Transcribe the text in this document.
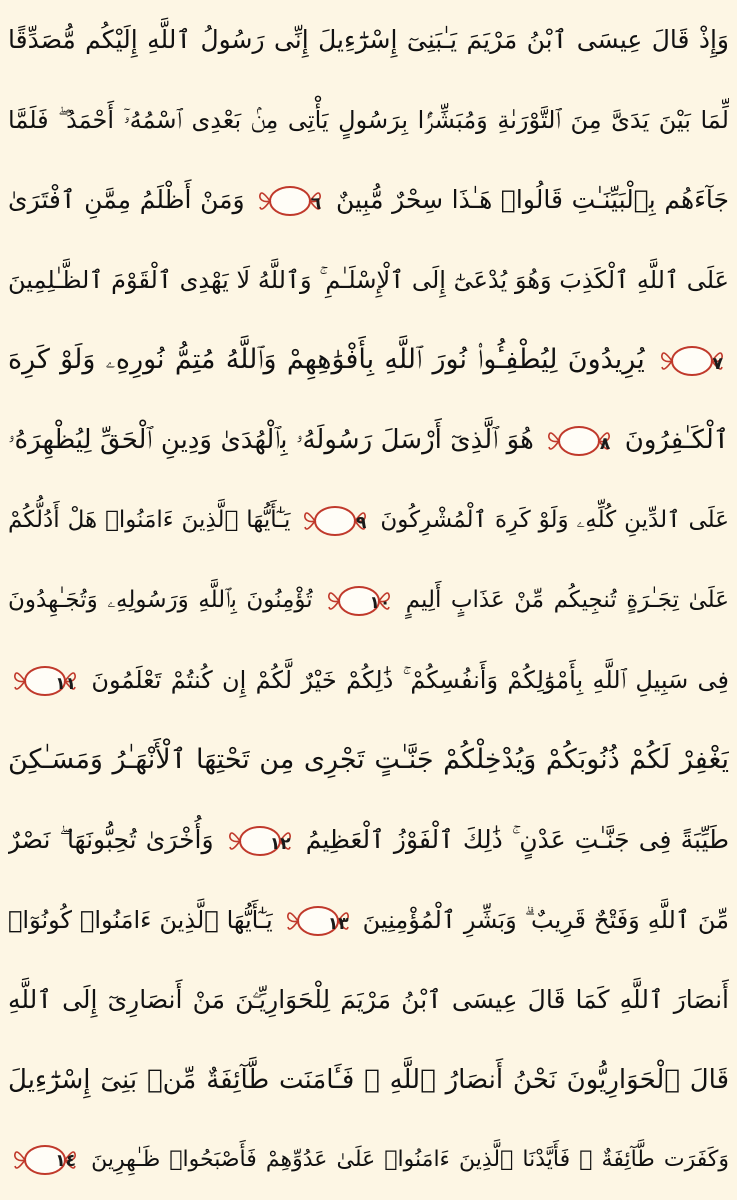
وَإِذْ قَالَ عِيسَى ٱبْنُ مَرْيَمَ يَـٰبَنِىٓ إِسْرَٰٓءِيلَ إِنِّى رَسُولُ ٱللَّهِ إِلَيْكُم مُّصَدِّقًا
لِّمَا بَيْنَ يَدَىَّ مِنَ ٱلتَّوْرَىٰةِ وَمُبَشِّرًۢا بِرَسُولٍ يَأْتِى مِنۢ بَعْدِى ٱسْمُهُۥٓ أَحْمَدُ ۖ فَلَمَّا
جَآءَهُم بِٱلْبَيِّنَـٰتِ قَالُوا۟ هَـٰذَا سِحْرٌ مُّبِينٌ
٦ وَمَنْ أَظْلَمُ مِمَّنِ ٱفْتَرَىٰ
عَلَى ٱللَّهِ ٱلْكَذِبَ وَهُوَ يُدْعَىٰٓ إِلَى ٱلْإِسْلَـٰمِ ۚ وَٱللَّهُ لَا يَهْدِى ٱلْقَوْمَ ٱلظَّـٰلِمِينَ
٧ يُرِيدُونَ لِيُطْفِـُٔوا۟ نُورَ ٱللَّهِ بِأَفْوَٰهِهِمْ وَٱللَّهُ مُتِمُّ نُورِهِۦ وَلَوْ كَرِهَ
ٱلْكَـٰفِرُونَ
٨ هُوَ ٱلَّذِىٓ أَرْسَلَ رَسُولَهُۥ بِٱلْهُدَىٰ وَدِينِ ٱلْحَقِّ لِيُظْهِرَهُۥ
عَلَى ٱلدِّينِ كُلِّهِۦ وَلَوْ كَرِهَ ٱلْمُشْرِكُونَ
٩ يَـٰٓأَيُّهَا ٱلَّذِينَ ءَامَنُوا۟ هَلْ أَدُلُّكُمْ
عَلَىٰ تِجَـٰرَةٍ تُنجِيكُم مِّنْ عَذَابٍ أَلِيمٍ
١٠ تُؤْمِنُونَ بِٱللَّهِ وَرَسُولِهِۦ وَتُجَـٰهِدُونَ
فِى سَبِيلِ ٱللَّهِ بِأَمْوَٰلِكُمْ وَأَنفُسِكُمْ ۚ ذَٰلِكُمْ خَيْرٌ لَّكُمْ إِن كُنتُمْ تَعْلَمُونَ
١١
يَغْفِرْ لَكُمْ ذُنُوبَكُمْ وَيُدْخِلْكُمْ جَنَّـٰتٍ تَجْرِى مِن تَحْتِهَا ٱلْأَنْهَـٰرُ وَمَسَـٰكِنَ
طَيِّبَةً فِى جَنَّـٰتِ عَدْنٍ ۚ ذَٰلِكَ ٱلْفَوْزُ ٱلْعَظِيمُ
١٢ وَأُخْرَىٰ تُحِبُّونَهَا ۖ نَصْرٌ
مِّنَ ٱللَّهِ وَفَتْحٌ قَرِيبٌ ۗ وَبَشِّرِ ٱلْمُؤْمِنِينَ
١٣ يَـٰٓأَيُّهَا ٱلَّذِينَ ءَامَنُوا۟ كُونُوٓا۟
أَنصَارَ ٱللَّهِ كَمَا قَالَ عِيسَى ٱبْنُ مَرْيَمَ لِلْحَوَارِيِّـۧنَ مَنْ أَنصَارِىٓ إِلَى ٱللَّهِ
قَالَ ٱلْحَوَارِيُّونَ نَحْنُ أَنصَارُ ٱللَّهِ ۖ فَـَٔامَنَت طَّآئِفَةٌ مِّنۢ بَنِىٓ إِسْرَٰٓءِيلَ
وَكَفَرَت طَّآئِفَةٌ ۖ فَأَيَّدْنَا ٱلَّذِينَ ءَامَنُوا۟ عَلَىٰ عَدُوِّهِمْ فَأَصْبَحُوا۟ ظَـٰهِرِينَ
١٤
